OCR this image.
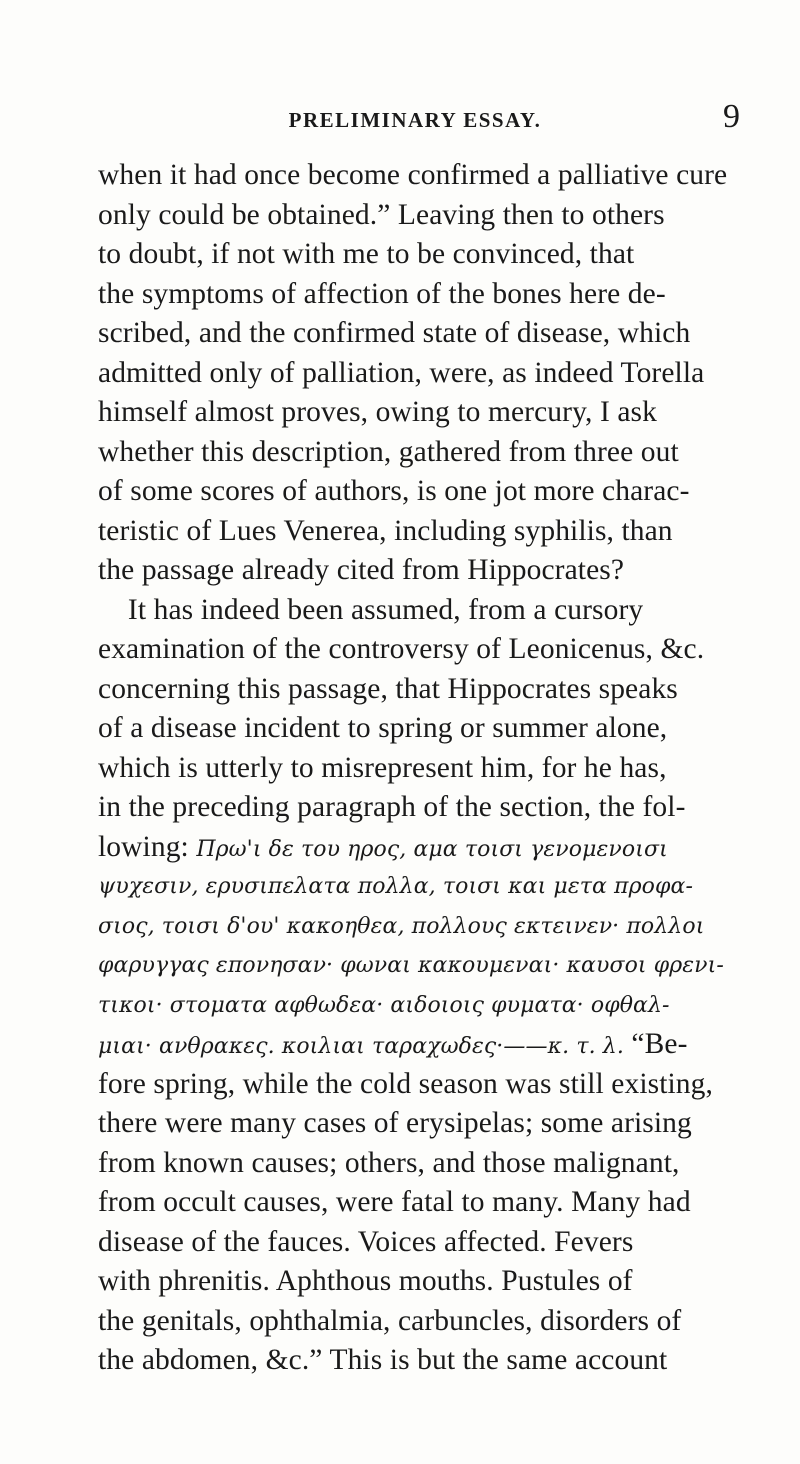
PRELIMINARY ESSAY.	9
when it had once become confirmed a palliative cure
only could be obtained.” Leaving then to others
to doubt, if not with me to be convinced, that
the symptoms of affection of the bones here de-
scribed, and the confirmed state of disease, which
admitted only of palliation, were, as indeed Torella
himself almost proves, owing to mercury, I ask
whether this description, gathered from three out
of some scores of authors, is one jot more charac-
teristic of Lues Venerea, including syphilis, than
the passage already cited from Hippocrates?
It has indeed been assumed, from a cursory
examination of the controversy of Leonicenus, &c.
concerning this passage, that Hippocrates speaks
of a disease incident to spring or summer alone,
which is utterly to misrepresent him, for he has,
in the preceding paragraph of the section, the fol-
lowing: Πρω'ι δε του ηρος, αμα τοισι γενομενοισι
ψυχεσιν, ερυσιπελατα πολλα, τοισι και μετα προφα-
σιος, τοισι δ'ου' κακοηθεα, πολλους εκτεινεν· πολλοι
φαρυγγας επονησαν· φωναι κακουμεναι· καυσοι φρενι-
τικοι· στοματα αφθωδεα· αιδοιοις φυματα· οφθαλ-
μιαι· ανθρακες. κοιλιαι ταραχωδες·——κ. τ. λ. “Be-
fore spring, while the cold season was still existing,
there were many cases of erysipelas; some arising
from known causes; others, and those malignant,
from occult causes, were fatal to many. Many had
disease of the fauces. Voices affected. Fevers
with phrenitis. Aphthous mouths. Pustules of
the genitals, ophthalmia, carbuncles, disorders of
the abdomen, &c.” This is but the same account
